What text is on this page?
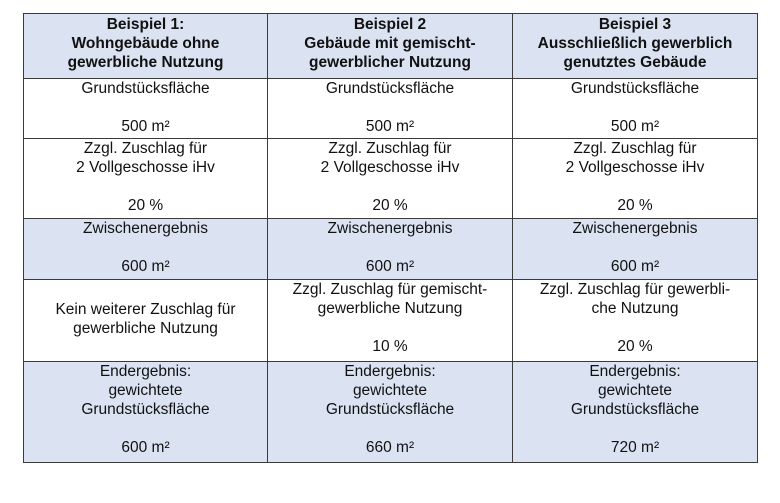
Beispiel 1:
Wohngebäude ohne
gewerbliche Nutzung	Beispiel 2
Gebäude mit gemischt-
gewerblicher Nutzung	Beispiel 3
Ausschließlich gewerblich
genutztes Gebäude

Grundstücksfläche
500 m²	Grundstücksfläche
500 m²	Grundstücksfläche
500 m²

Zzgl. Zuschlag für
2 Vollgeschosse iHv
20 %	Zzgl. Zuschlag für
2 Vollgeschosse iHv
20 %	Zzgl. Zuschlag für
2 Vollgeschosse iHv
20 %

Zwischenergebnis
600 m²	Zwischenergebnis
600 m²	Zwischenergebnis
600 m²

Kein weiterer Zuschlag für
gewerbliche Nutzung	Zzgl. Zuschlag für gemischt-
gewerbliche Nutzung
10 %	Zzgl. Zuschlag für gewerbli-
che Nutzung
20 %

Endergebnis:
gewichtete
Grundstücksfläche
600 m²	Endergebnis:
gewichtete
Grundstücksfläche
660 m²	Endergebnis:
gewichtete
Grundstücksfläche
720 m²
